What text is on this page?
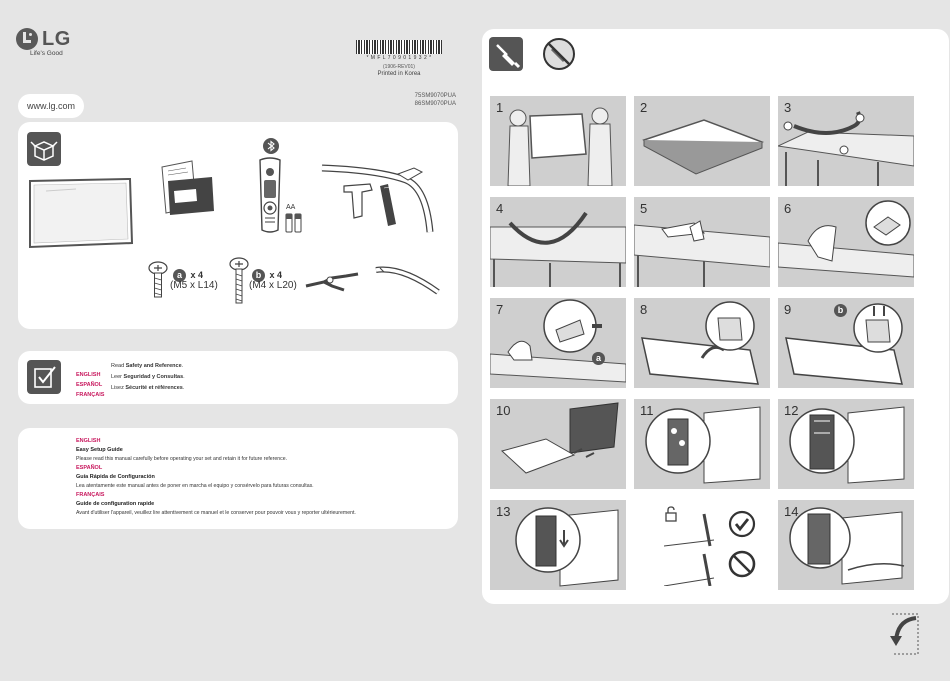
LG
Life's Good
www.lg.com
* M F L 7 0 9 0 1 9 3 2 *
(1906-REV01)
Printed in Korea
75SM9070PUA
86SM9070PUA
AA
a x 4
(M5 x L14)
b x 4
(M4 x L20)
ENGLISH
Read Safety and Reference.
ESPAÑOL
Leer Seguridad y Consultas.
FRANÇAIS
Lisez Sécurité et références.
ENGLISH
Easy Setup Guide
Please read this manual carefully before operating your set and retain it for future reference.
ESPAÑOL
Guía Rápida de Configuración
Lea atentamente este manual antes de poner en marcha el equipo y consérvelo para futuras consultas.
FRANÇAIS
Guide de configuration rapide
Avant d'utiliser l'appareil, veuillez lire attentivement ce manuel et le conserver pour pouvoir vous y reporter ultérieurement.
1	2	3
4	5	6
a
7	8	b
9
10	11	12
13	14
